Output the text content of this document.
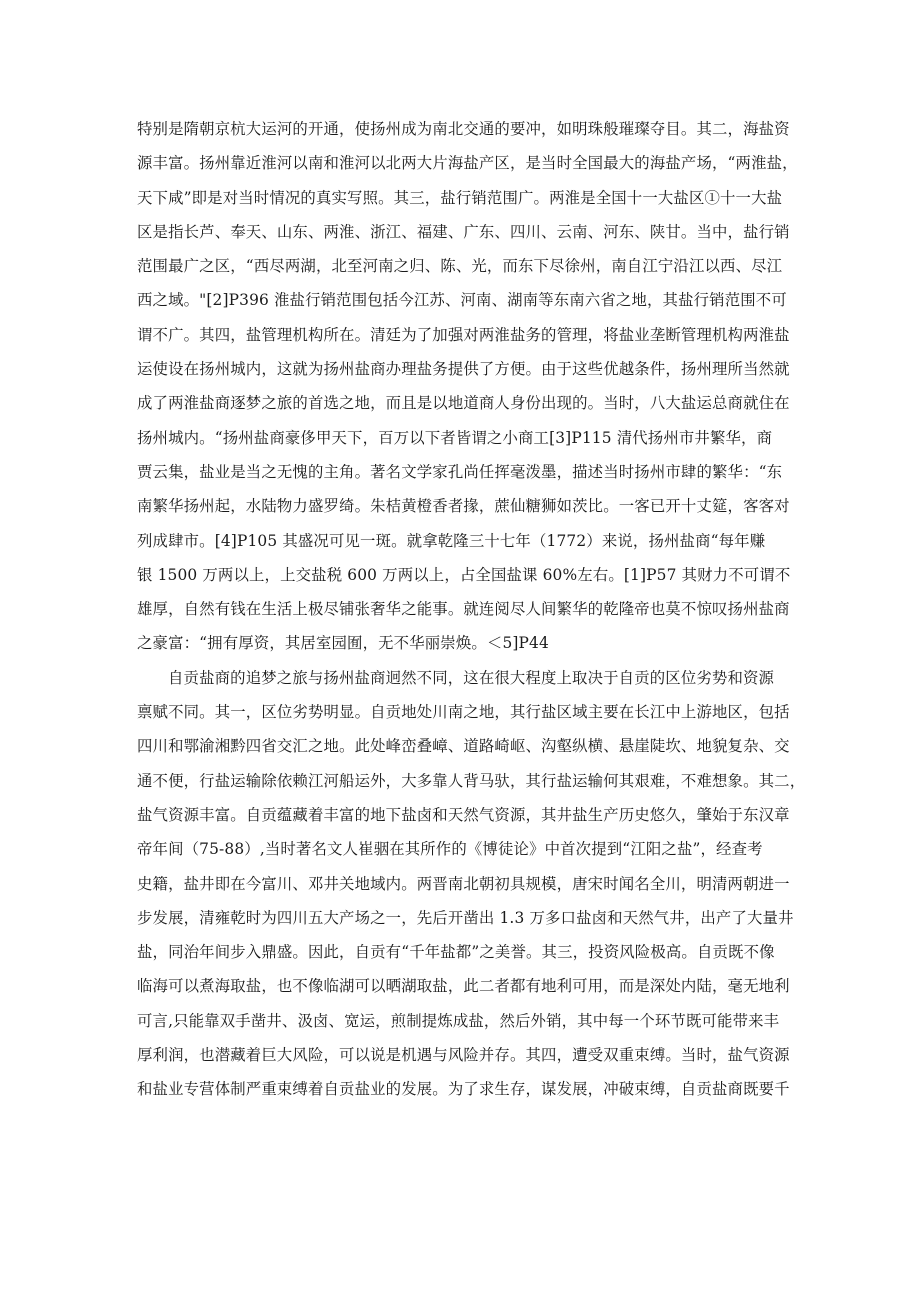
特别是隋朝京杭大运河的开通，使扬州成为南北交通的要冲，如明珠般璀璨夺目。其二，海盐资
源丰富。扬州靠近淮河以南和淮河以北两大片海盐产区，是当时全国最大的海盐产场，“两淮盐，
天下咸”即是对当时情况的真实写照。其三，盐行销范围广。两淮是全国十一大盐区①十一大盐
区是指长芦、奉天、山东、两淮、浙江、福建、广东、四川、云南、河东、陕甘。当中，盐行销
范围最广之区，“西尽两湖，北至河南之归、陈、光，而东下尽徐州，南自江宁沿江以西、尽江
西之域。"[2]P396 淮盐行销范围包括今江苏、河南、湖南等东南六省之地，其盐行销范围不可
谓不广。其四，盐管理机构所在。清廷为了加强对两淮盐务的管理，将盐业垄断管理机构两淮盐
运使设在扬州城内，这就为扬州盐商办理盐务提供了方便。由于这些优越条件，扬州理所当然就
成了两淮盐商逐梦之旅的首选之地，而且是以地道商人身份出现的。当时，八大盐运总商就住在
扬州城内。“扬州盐商豪侈甲天下，百万以下者皆谓之小商工[3]P115 清代扬州市井繁华，商
贾云集，盐业是当之无愧的主角。著名文学家孔尚任挥毫泼墨，描述当时扬州市肆的繁华：“东
南繁华扬州起，水陆物力盛罗绮。朱桔黄橙香者掾，蔗仙糖狮如茨比。一客已开十丈筵，客客对
列成肆市。[4]P105 其盛况可见一斑。就拿乾隆三十七年（1772）来说，扬州盐商“每年赚
银 1500 万两以上，上交盐税 600 万两以上，占全国盐课 60%左右。[1]P57 其财力不可谓不
雄厚，自然有钱在生活上极尽铺张奢华之能事。就连阅尽人间繁华的乾隆帝也莫不惊叹扬州盐商
之豪富：“拥有厚资，其居室园囿，无不华丽崇焕。＜5]P44
自贡盐商的追梦之旅与扬州盐商迥然不同，这在很大程度上取决于自贡的区位劣势和资源
禀赋不同。其一，区位劣势明显。自贡地处川南之地，其行盐区域主要在长江中上游地区，包括
四川和鄂渝湘黔四省交汇之地。此处峰峦叠嶂、道路崎岖、沟壑纵横、悬崖陡坎、地貌复杂、交
通不便，行盐运输除依赖江河船运外，大多靠人背马驮，其行盐运输何其艰难，不难想象。其二，
盐气资源丰富。自贡蕴藏着丰富的地下盐卤和天然气资源，其井盐生产历史悠久，肇始于东汉章
帝年间（75-88）,当时著名文人崔骃在其所作的《博徒论》中首次提到“江阳之盐”，经查考
史籍，盐井即在今富川、邓井关地域内。两晋南北朝初具规模，唐宋时闻名全川，明清两朝进一
步发展，清雍乾时为四川五大产场之一，先后开凿出 1.3 万多口盐卤和天然气井，出产了大量井
盐，同治年间步入鼎盛。因此，自贡有“千年盐都”之美誉。其三，投资风险极高。自贡既不像
临海可以煮海取盐，也不像临湖可以晒湖取盐，此二者都有地利可用，而是深处内陆，毫无地利
可言,只能靠双手凿井、汲卤、宽运，煎制提炼成盐，然后外销，其中每一个环节既可能带来丰
厚利润，也潜藏着巨大风险，可以说是机遇与风险并存。其四，遭受双重束缚。当时，盐气资源
和盐业专营体制严重束缚着自贡盐业的发展。为了求生存，谋发展，冲破束缚，自贡盐商既要千
